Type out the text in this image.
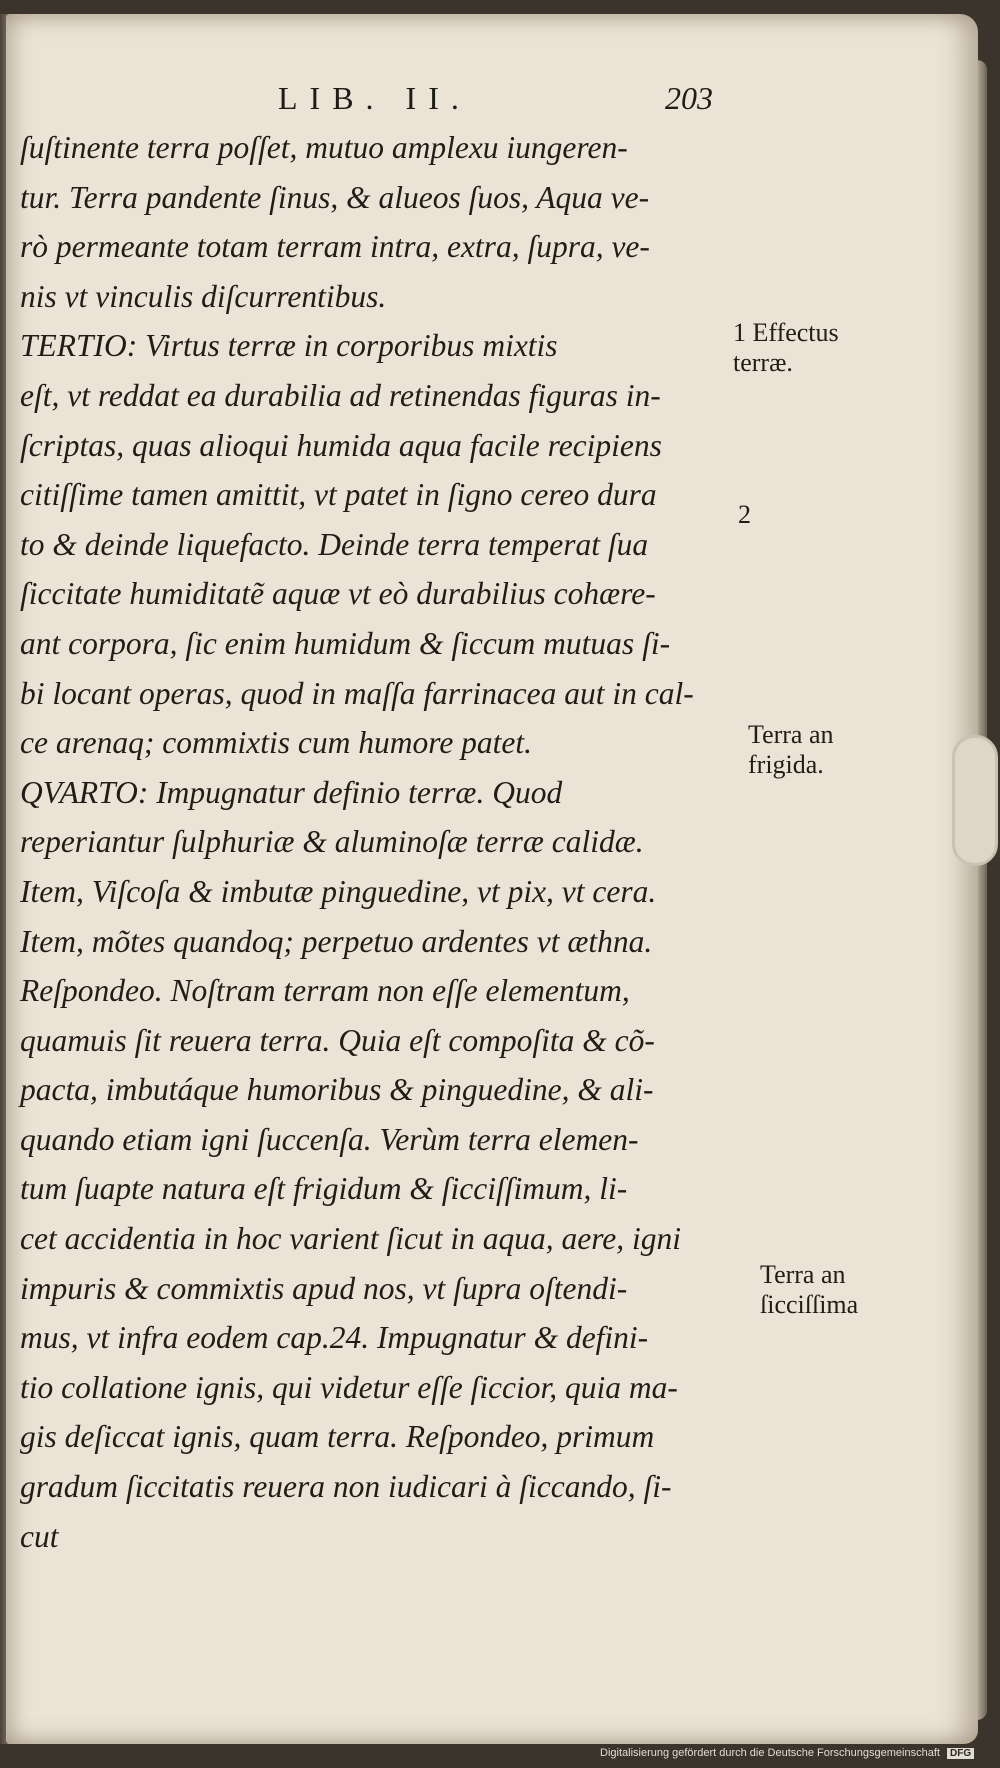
LIB. II.	203
ſuſtinente terra poſſet, mutuo amplexu iungeren-
tur. Terra pandente ſinus, & alueos ſuos, Aqua ve-
rò permeante totam terram intra, extra, ſupra, ve-
nis vt vinculis diſcurrentibus.
TERTIO: Virtus terræ in corporibus mixtis
eſt, vt reddat ea durabilia ad retinendas figuras in-
ſcriptas, quas alioqui humida aqua facile recipiens
citiſſime tamen amittit, vt patet in ſigno cereo dura
to & deinde liquefacto. Deinde terra temperat ſua
ſiccitate humiditatẽ aquæ vt eò durabilius cohære-
ant corpora, ſic enim humidum & ſiccum mutuas ſi-
bi locant operas, quod in maſſa farrinacea aut in cal-
ce arenaq; commixtis cum humore patet.
QVARTO: Impugnatur definio terræ. Quod
reperiantur ſulphuriæ & aluminoſæ terræ calidæ.
Item, Viſcoſa & imbutæ pinguedine, vt pix, vt cera.
Item, mõtes quandoq; perpetuo ardentes vt æthna.
Reſpondeo. Noſtram terram non eſſe elementum,
quamuis ſit reuera terra. Quia eſt compoſita & cõ-
pacta, imbutáque humoribus & pinguedine, & ali-
quando etiam igni ſuccenſa. Verùm terra elemen-
tum ſuapte natura eſt frigidum & ſicciſſimum, li-
cet accidentia in hoc varient ſicut in aqua, aere, igni
impuris & commixtis apud nos, vt ſupra oſtendi-
mus, vt infra eodem cap.24. Impugnatur & defini-
tio collatione ignis, qui videtur eſſe ſiccior, quia ma-
gis deſiccat ignis, quam terra. Reſpondeo, primum
gradum ſiccitatis reuera non iudicari à ſiccando, ſi-
cut
1 Effectus
terræ.
2
Terra an
frigida.
Terra an
ſicciſſima
Digitalisierung gefördert durch die Deutsche Forschungsgemeinschaft DFG
